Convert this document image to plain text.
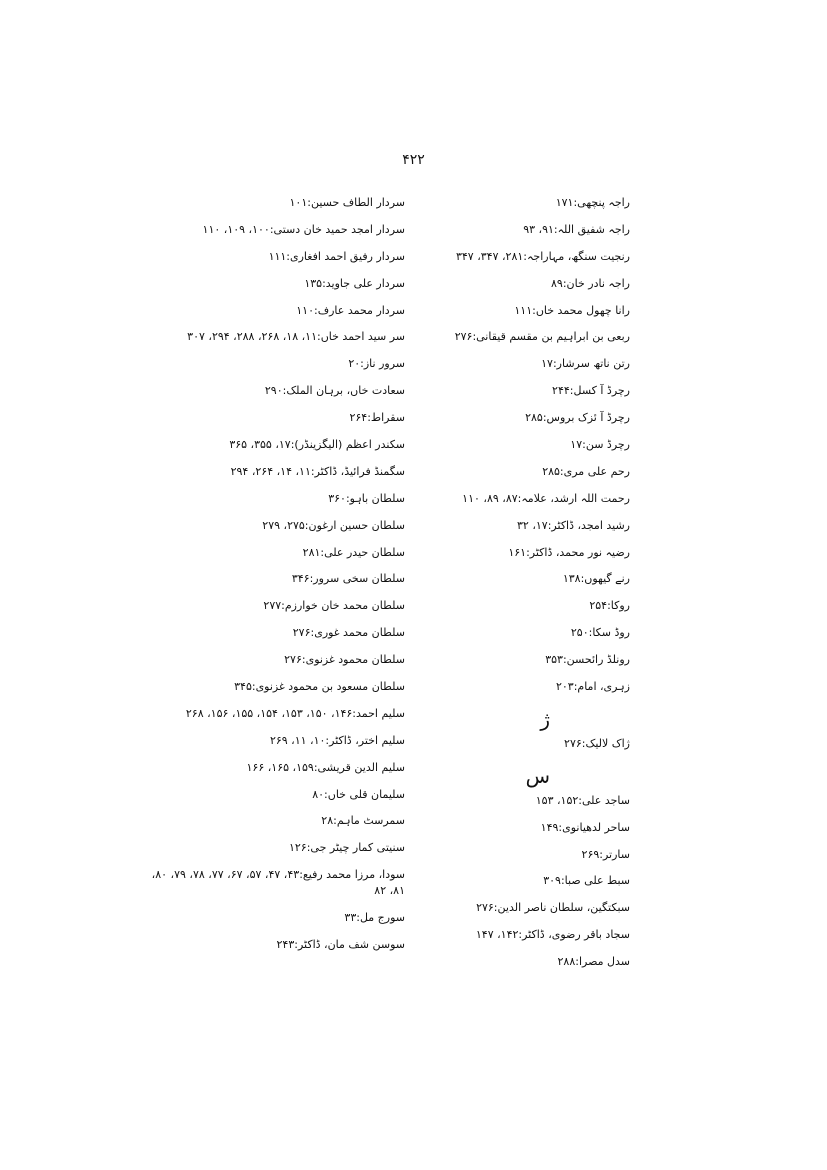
۴۲۲
راجہ پنچھی:۱۷۱
راجہ شفیق اللہ:۹۱، ۹۳
رنجیت سنگھ، مہاراجہ:۲۸۱، ۳۴۷، ۳۴۷
راجہ نادر خان:۸۹
رانا چھول محمد خاں:۱۱۱
ربعی بن ابراہیم بن مقسم قیقانی:۲۷۶
رتن ناتھ سرشار:۱۷
رچرڈ آ کسل:۲۴۴
رچرڈ آ ئزک بروس:۲۸۵
رچرڈ سن:۱۷
رحم علی مری:۲۸۵
رحمت اللہ ارشد، علامہ:۸۷، ۸۹، ۱۱۰
رشید امجد، ڈاکٹر:۱۷، ۳۲
رضیہ نور محمد، ڈاکٹر:۱۶۱
رنے گیھوں:۱۳۸
روکا:۲۵۴
روڈ سکا:۲۵۰
رونلڈ رائحسن:۳۵۳
زہری، امام:۲۰۳
ژ
ژاک لالیک:۲۷۶
س
ساجد علی:۱۵۲، ۱۵۳
ساحر لدھیانوی:۱۴۹
سارتر:۲۶۹
سبط علی صبا:۳۰۹
سبکتگین، سلطان ناصر الدین:۲۷۶
سجاد باقر رضوی، ڈاکٹر:۱۴۲، ۱۴۷
سدل مصرا:۲۸۸
سردار الطاف حسین:۱۰۱
سردار امجد حمید خان دستی:۱۰۰، ۱۰۹، ۱۱۰
سردار رفیق احمد افغاری:۱۱۱
سردار علی جاوید:۱۳۵
سردار محمد عارف:۱۱۰
سر سید احمد خاں:۱۱، ۱۸، ۲۶۸، ۲۸۸، ۲۹۴، ۳۰۷
سرور ناز:۲۰
سعادت خاں، برہان الملک:۲۹۰
سقراط:۲۶۴
سکندر اعظم (الیگزینڈر):۱۷، ۳۵۵، ۳۶۵
سگمنڈ فرائیڈ، ڈاکٹر:۱۱، ۱۴، ۲۶۴، ۲۹۴
سلطان باہو:۳۶۰
سلطان حسین ارغون:۲۷۵، ۲۷۹
سلطان حیدر علی:۲۸۱
سلطان سخی سرور:۳۴۶
سلطان محمد خان خوارزم:۲۷۷
سلطان محمد غوری:۲۷۶
سلطان محمود غزنوی:۲۷۶
سلطان مسعود بن محمود غزنوی:۳۴۵
سلیم احمد:۱۴۶، ۱۵۰، ۱۵۳، ۱۵۴، ۱۵۵، ۱۵۶، ۲۶۸
سلیم اختر، ڈاکٹر:۱۰، ۱۱، ۲۶۹
سلیم الدین قریشی:۱۵۹، ۱۶۵، ۱۶۶
سلیمان قلی خاں:۸۰
سمرسٹ ماہم:۲۸
سنیتی کمار چیٹر جی:۱۲۶
سودا، مرزا محمد رفیع:۴۳، ۴۷، ۵۷، ۶۷، ۷۷، ۷۸، ۷۹، ۸۰، ۸۱، ۸۲
سورج مل:۳۳
سوسن شف مان، ڈاکٹر:۲۴۳
